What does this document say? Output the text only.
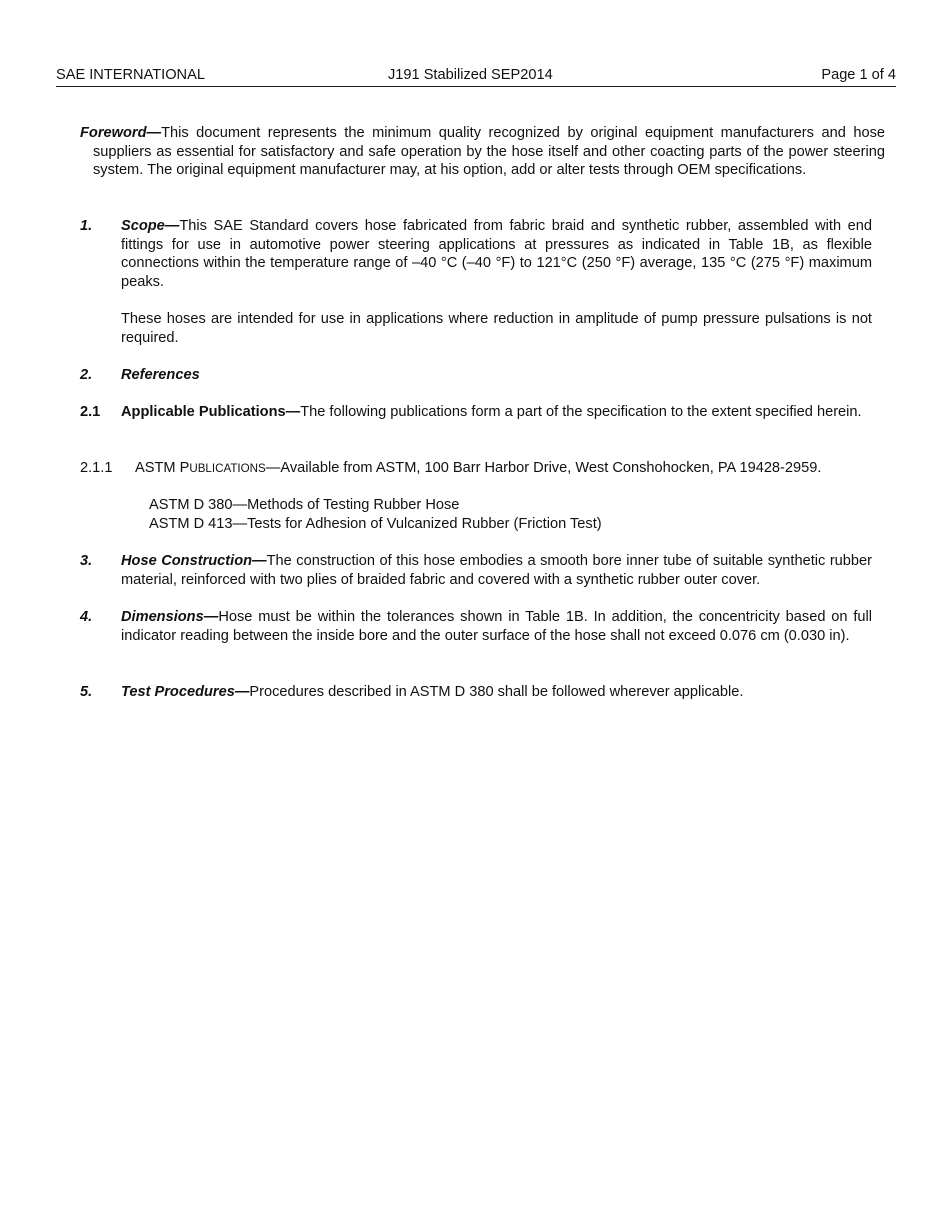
SAE INTERNATIONAL	J191 Stabilized SEP2014	Page 1 of 4
Foreword—This document represents the minimum quality recognized by original equipment manufacturers and hose suppliers as essential for satisfactory and safe operation by the hose itself and other coacting parts of the power steering system. The original equipment manufacturer may, at his option, add or alter tests through OEM specifications.
1. Scope—This SAE Standard covers hose fabricated from fabric braid and synthetic rubber, assembled with end fittings for use in automotive power steering applications at pressures as indicated in Table 1B, as flexible connections within the temperature range of –40 °C (–40 °F) to 121°C (250 °F) average, 135 °C (275 °F) maximum peaks.
These hoses are intended for use in applications where reduction in amplitude of pump pressure pulsations is not required.
2. References
2.1 Applicable Publications—The following publications form a part of the specification to the extent specified herein.
2.1.1 ASTM PUBLICATIONS—Available from ASTM, 100 Barr Harbor Drive, West Conshohocken, PA 19428-2959.
ASTM D 380—Methods of Testing Rubber Hose
ASTM D 413—Tests for Adhesion of Vulcanized Rubber (Friction Test)
3. Hose Construction—The construction of this hose embodies a smooth bore inner tube of suitable synthetic rubber material, reinforced with two plies of braided fabric and covered with a synthetic rubber outer cover.
4. Dimensions—Hose must be within the tolerances shown in Table 1B. In addition, the concentricity based on full indicator reading between the inside bore and the outer surface of the hose shall not exceed 0.076 cm (0.030 in).
5. Test Procedures—Procedures described in ASTM D 380 shall be followed wherever applicable.
